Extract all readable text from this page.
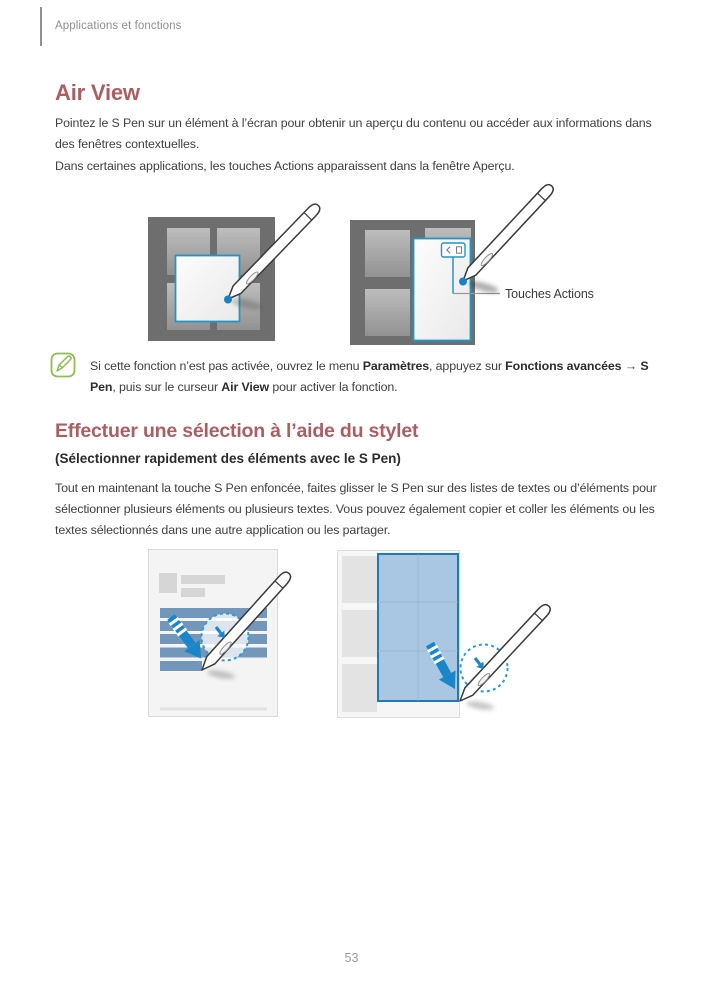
Applications et fonctions
Air View

Pointez le S Pen sur un élément à l’écran pour obtenir un aperçu du contenu ou accéder aux informations dans des fenêtres contextuelles.

Dans certaines applications, les touches Actions apparaissent dans la fenêtre Aperçu.

Touches Actions

Si cette fonction n’est pas activée, ouvrez le menu Paramètres, appuyez sur Fonctions avancées → S Pen, puis sur le curseur Air View pour activer la fonction.

Effectuer une sélection à l’aide du stylet
(Sélectionner rapidement des éléments avec le S Pen)

Tout en maintenant la touche S Pen enfoncée, faites glisser le S Pen sur des listes de textes ou d’éléments pour sélectionner plusieurs éléments ou plusieurs textes. Vous pouvez également copier et coller les éléments ou les textes sélectionnés dans une autre application ou les partager.

53
